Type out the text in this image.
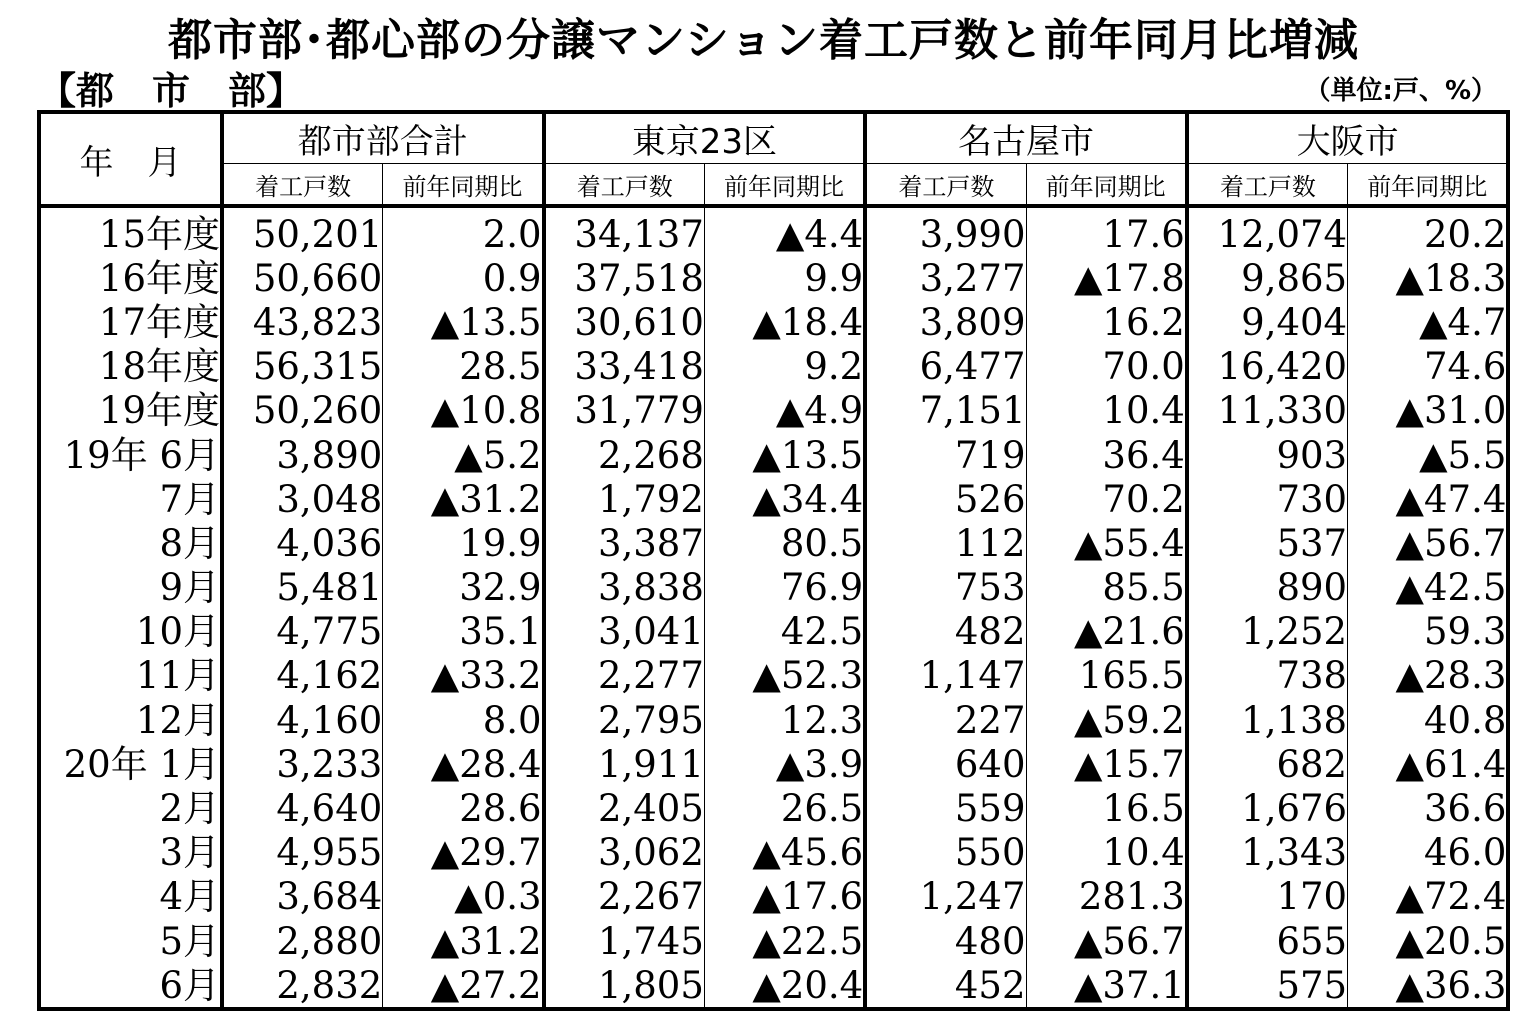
都市部･都心部の分譲マンション着工戸数と前年同月比増減
【都　市　部】	（単位:戸、%）
年　月	都市部合計		東京23区		名古屋市		大阪市	
	着工戸数	前年同期比	着工戸数	前年同期比	着工戸数	前年同期比	着工戸数	前年同期比
15年度	50,201	2.0	34,137	▲4.4	3,990	17.6	12,074	20.2
16年度	50,660	0.9	37,518	9.9	3,277	▲17.8	9,865	▲18.3
17年度	43,823	▲13.5	30,610	▲18.4	3,809	16.2	9,404	▲4.7
18年度	56,315	28.5	33,418	9.2	6,477	70.0	16,420	74.6
19年度	50,260	▲10.8	31,779	▲4.9	7,151	10.4	11,330	▲31.0
19年 6月	3,890	▲5.2	2,268	▲13.5	719	36.4	903	▲5.5
7月	3,048	▲31.2	1,792	▲34.4	526	70.2	730	▲47.4
8月	4,036	19.9	3,387	80.5	112	▲55.4	537	▲56.7
9月	5,481	32.9	3,838	76.9	753	85.5	890	▲42.5
10月	4,775	35.1	3,041	42.5	482	▲21.6	1,252	59.3
11月	4,162	▲33.2	2,277	▲52.3	1,147	165.5	738	▲28.3
12月	4,160	8.0	2,795	12.3	227	▲59.2	1,138	40.8
20年 1月	3,233	▲28.4	1,911	▲3.9	640	▲15.7	682	▲61.4
2月	4,640	28.6	2,405	26.5	559	16.5	1,676	36.6
3月	4,955	▲29.7	3,062	▲45.6	550	10.4	1,343	46.0
4月	3,684	▲0.3	2,267	▲17.6	1,247	281.3	170	▲72.4
5月	2,880	▲31.2	1,745	▲22.5	480	▲56.7	655	▲20.5
6月	2,832	▲27.2	1,805	▲20.4	452	▲37.1	575	▲36.3
